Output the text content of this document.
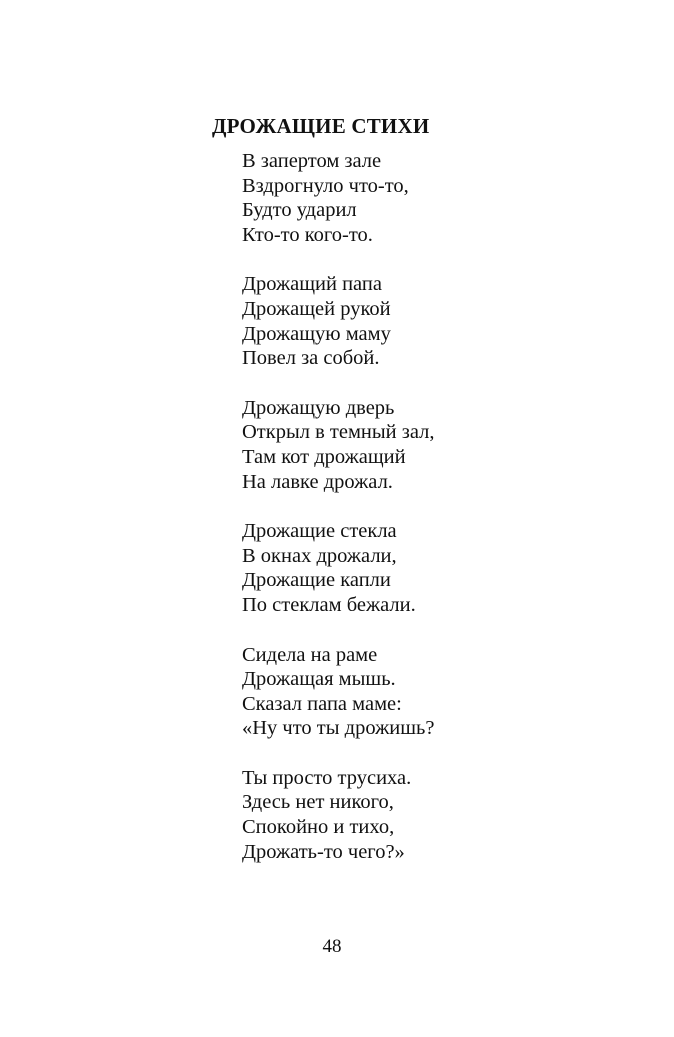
ДРОЖАЩИЕ СТИХИ
В запертом зале
Вздрогнуло что-то,
Будто ударил
Кто-то кого-то.
Дрожащий папа
Дрожащей рукой
Дрожащую маму
Повел за собой.
Дрожащую дверь
Открыл в темный зал,
Там кот дрожащий
На лавке дрожал.
Дрожащие стекла
В окнах дрожали,
Дрожащие капли
По стеклам бежали.
Сидела на раме
Дрожащая мышь.
Сказал папа маме:
«Ну что ты дрожишь?
Ты просто трусиха.
Здесь нет никого,
Спокойно и тихо,
Дрожать-то чего?»
48
